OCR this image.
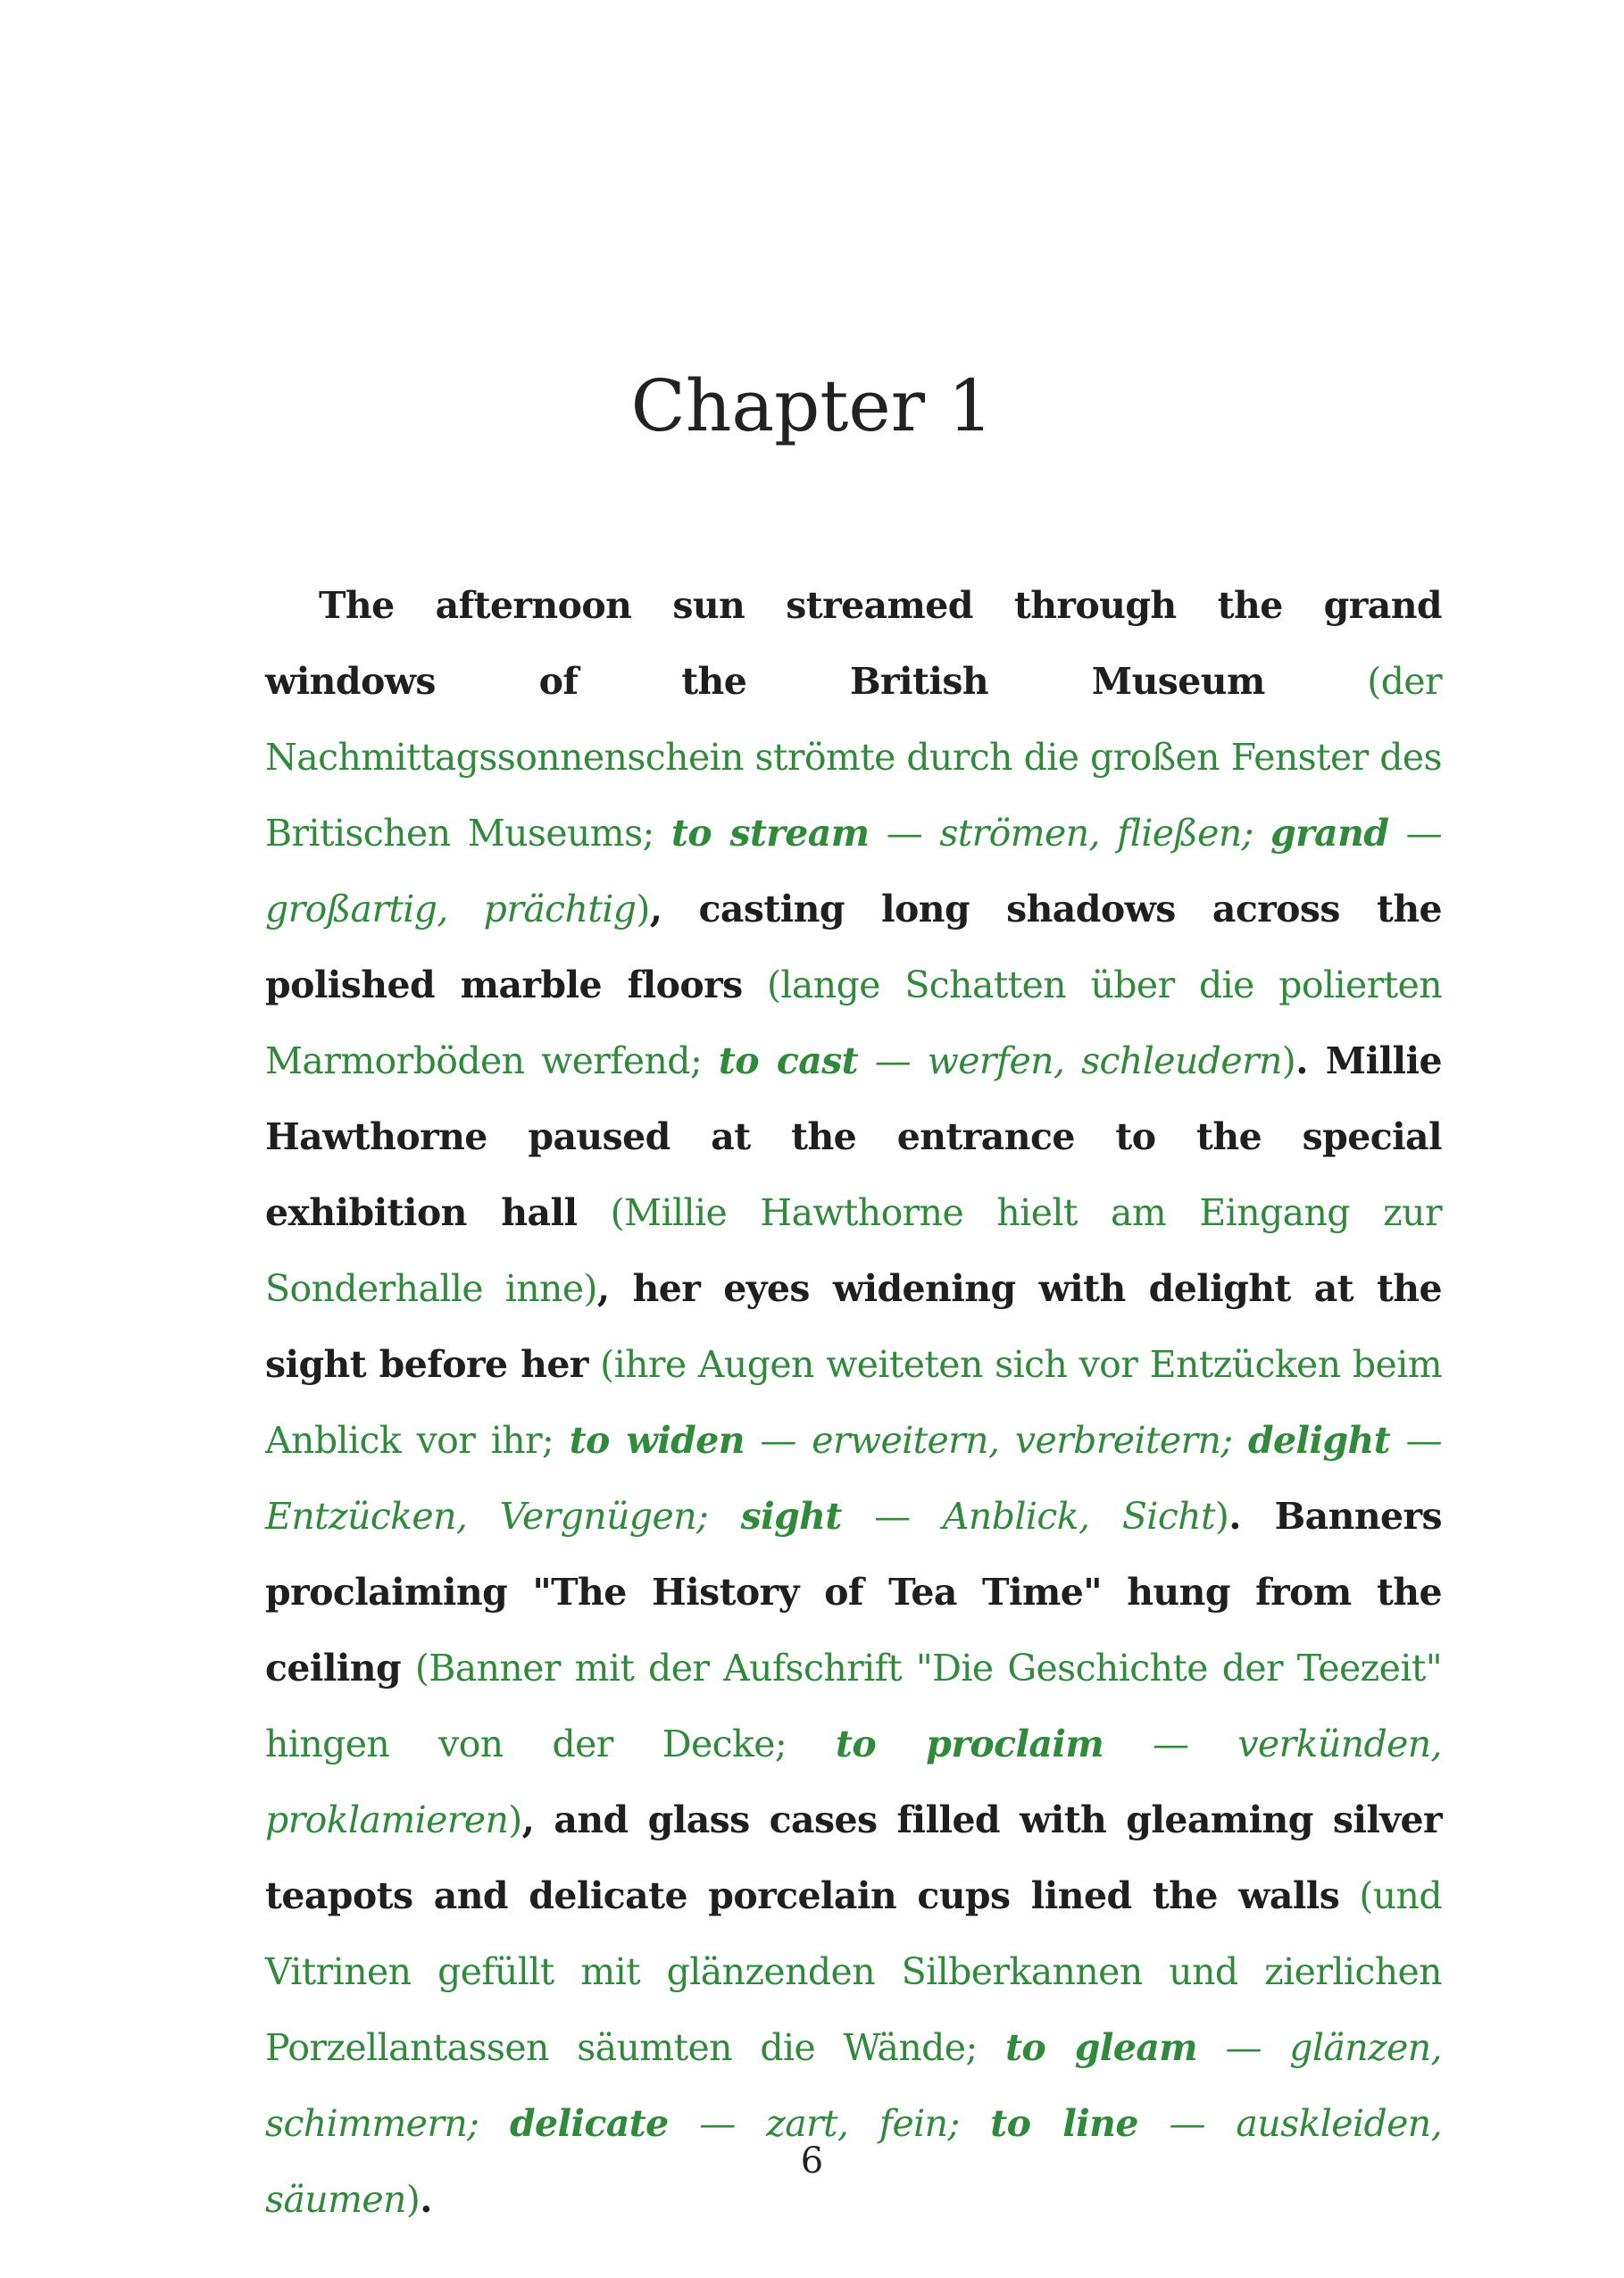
Chapter 1

The afternoon sun streamed through the grand windows of the British Museum (der Nachmittagssonnenschein strömte durch die großen Fenster des Britischen Museums; to stream — strömen, fließen; grand — großartig, prächtig), casting long shadows across the polished marble floors (lange Schatten über die polierten Marmorböden werfend; to cast — werfen, schleudern). Millie Hawthorne paused at the entrance to the special exhibition hall (Millie Hawthorne hielt am Eingang zur Sonderhalle inne), her eyes widening with delight at the sight before her (ihre Augen weiteten sich vor Entzücken beim Anblick vor ihr; to widen — erweitern, verbreitern; delight — Entzücken, Vergnügen; sight — Anblick, Sicht). Banners proclaiming "The History of Tea Time" hung from the ceiling (Banner mit der Aufschrift "Die Geschichte der Teezeit" hingen von der Decke; to proclaim — verkünden, proklamieren), and glass cases filled with gleaming silver teapots and delicate porcelain cups lined the walls (und Vitrinen gefüllt mit glänzenden Silberkannen und zierlichen Porzellantassen säumten die Wände; to gleam — glänzen, schimmern; delicate — zart, fein; to line — auskleiden, säumen).

6
